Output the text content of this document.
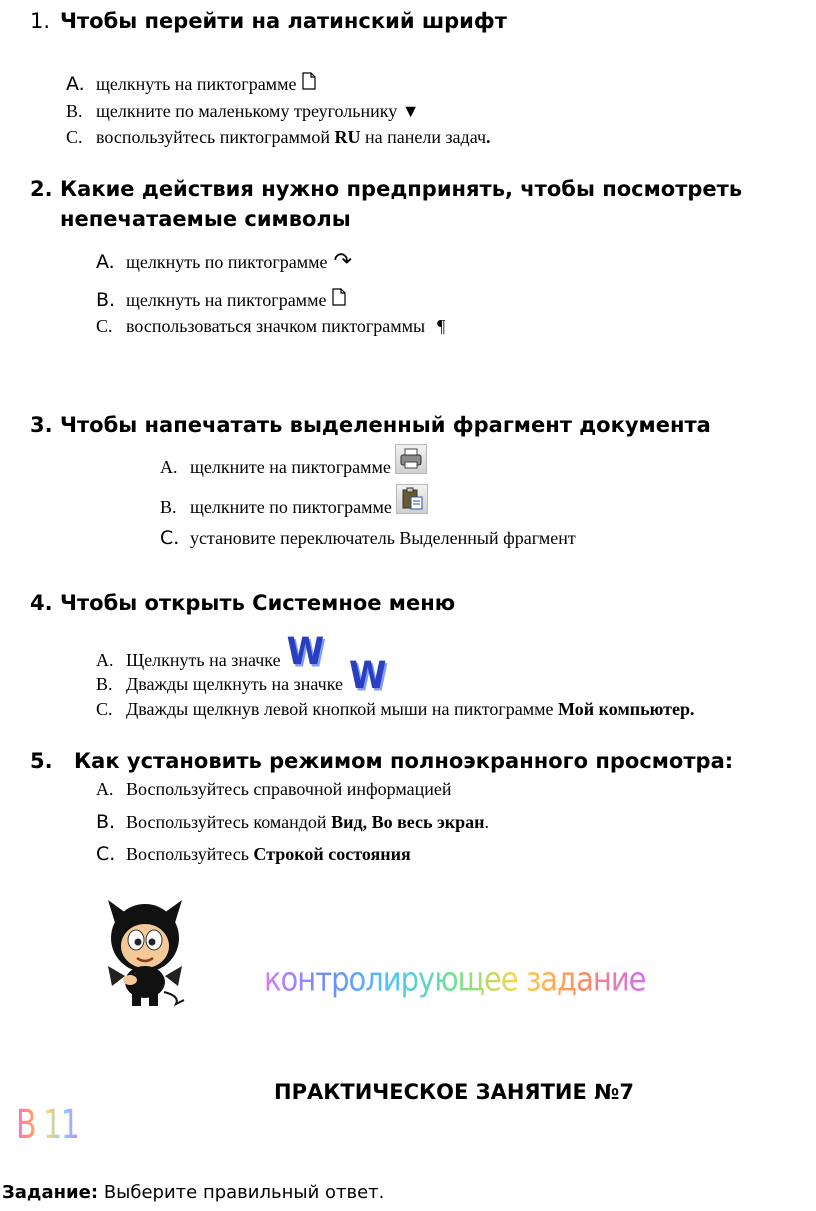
1. Чтобы перейти на латинский шрифт
A. щелкнуть на пиктограмме
B. щелкните по маленькому треугольнику ▼
C. воспользуйтесь пиктограммой
RU
на панели задач .
2. Какие действия нужно предпринять, чтобы посмотреть
непечатаемые символы
A. щелкнуть по пиктограмме ↷
B. щелкнуть на пиктограмме
C. воспользоваться значком пиктограммы ¶
3. Чтобы напечатать выделенный фрагмент документа
A. щелкните на пиктограмме
B. щелкните по пиктограмме
C. установите переключатель Выделенный фрагмент
4. Чтобы открыть Системное меню
A. Щелкнуть на значке W
B. Дважды щелкнуть на значке W
C. Дважды щелкнув левой кнопкой мыши на пиктограмме
Мой компьютер.
5. Как установить режимом полноэкранного просмотра:
A. Воспользуйтесь справочной информацией
B. Воспользуйтесь командой
Вид ,
Во весь экран .
C. Воспользуйтесь
Строкой состояния
контролирующее задание
ПРАКТИЧЕСКОЕ ЗАНЯТИЕ №7
В 11
Задание: Выберите правильный ответ.
